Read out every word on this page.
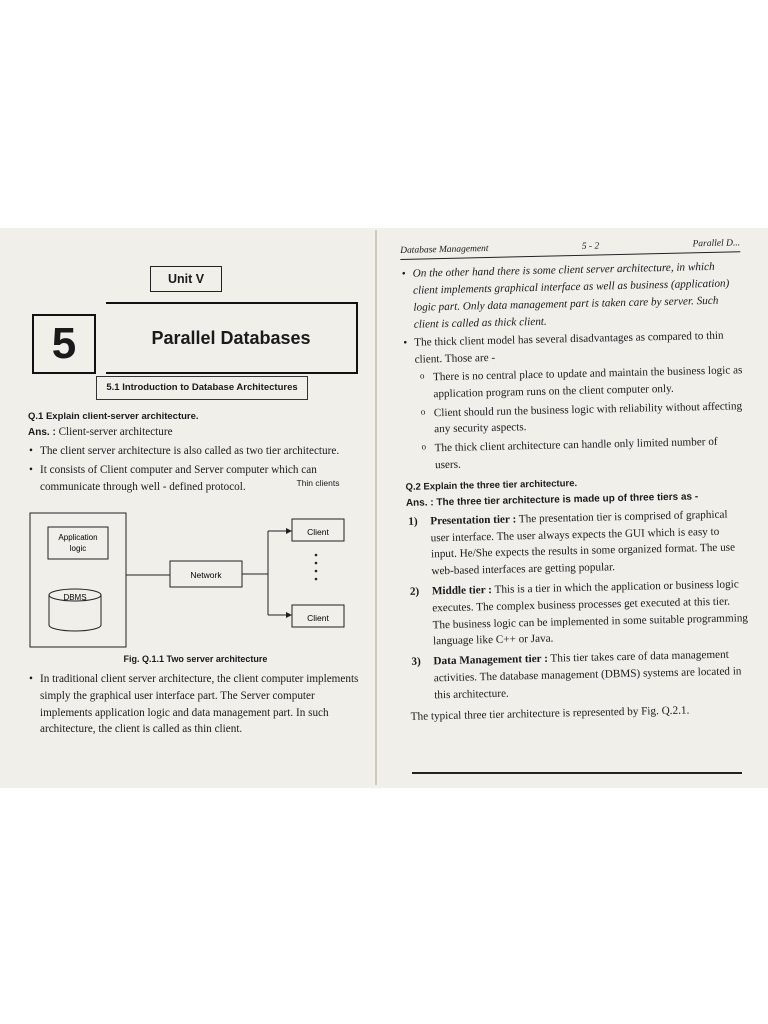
Unit V
5	Parallel Databases
5.1 Introduction to Database Architectures

Q.1 Explain client-server architecture.

Ans. : Client-server architecture

• The client server architecture is also called as two tier architecture.
• It consists of Client computer and Server computer which can communicate through well - defined protocol.
Client
Client
Network
DBMS
Application
logic
Thin clients

Fig. Q.1.1 Two server architecture

• In traditional client server architecture, the client computer implements simply the graphical user interface part. The Server computer implements application logic and data management part. In such architecture, the client is called as thin client.
Database Management	5 - 2	Parallel D...
• On the other hand there is some client server architecture, in which client implements graphical interface as well as business (application) logic part. Only data management part is taken care by server. Such client is called as thick client.
• The thick client model has several disadvantages as compared to thin client. Those are -
o There is no central place to update and maintain the business logic as application program runs on the client computer only.
o Client should run the business logic with reliability without affecting any security aspects.
o The thick client architecture can handle only limited number of users.

Q.2 Explain the three tier architecture.

Ans. : The three tier architecture is made up of three tiers as -

1) Presentation tier : The presentation tier is comprised of graphical user interface. The user always expects the GUI which is easy to input. He/She expects the results in some organized format. The use web-based interfaces are getting popular.
2) Middle tier : This is a tier in which the application or business logic executes. The complex business processes get executed at this tier. The business logic can be implemented in some suitable programming language like C++ or Java.
3) Data Management tier : This tier takes care of data management activities. The database management (DBMS) systems are located in this architecture.

The typical three tier architecture is represented by Fig. Q.2.1.
